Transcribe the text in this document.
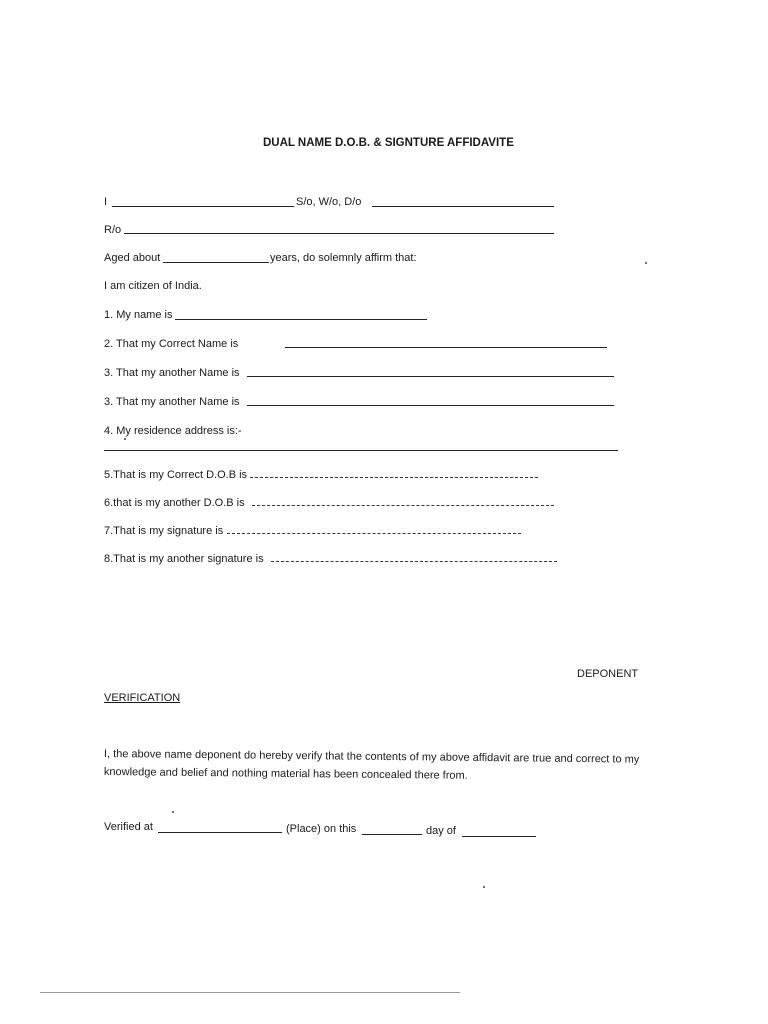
DUAL NAME D.O.B. & SIGNTURE AFFIDAVITE
I	S/o, W/o, D/o
R/o
Aged about	years, do solemnly affirm that:
I am citizen of India.
1. My name is
2. That my Correct Name is
3. That my another Name is
3. That my another Name is
4. My residence address is:-
5.That is my Correct D.O.B is
6.that is my another D.O.B is
7.That is my signature is
8.That is my another signature is
DEPONENT
VERIFICATION
I, the above name deponent do hereby verify that the contents of my above affidavit are true and correct to my
knowledge and belief and nothing material has been concealed there from.
Verified at	(Place) on this	day of
